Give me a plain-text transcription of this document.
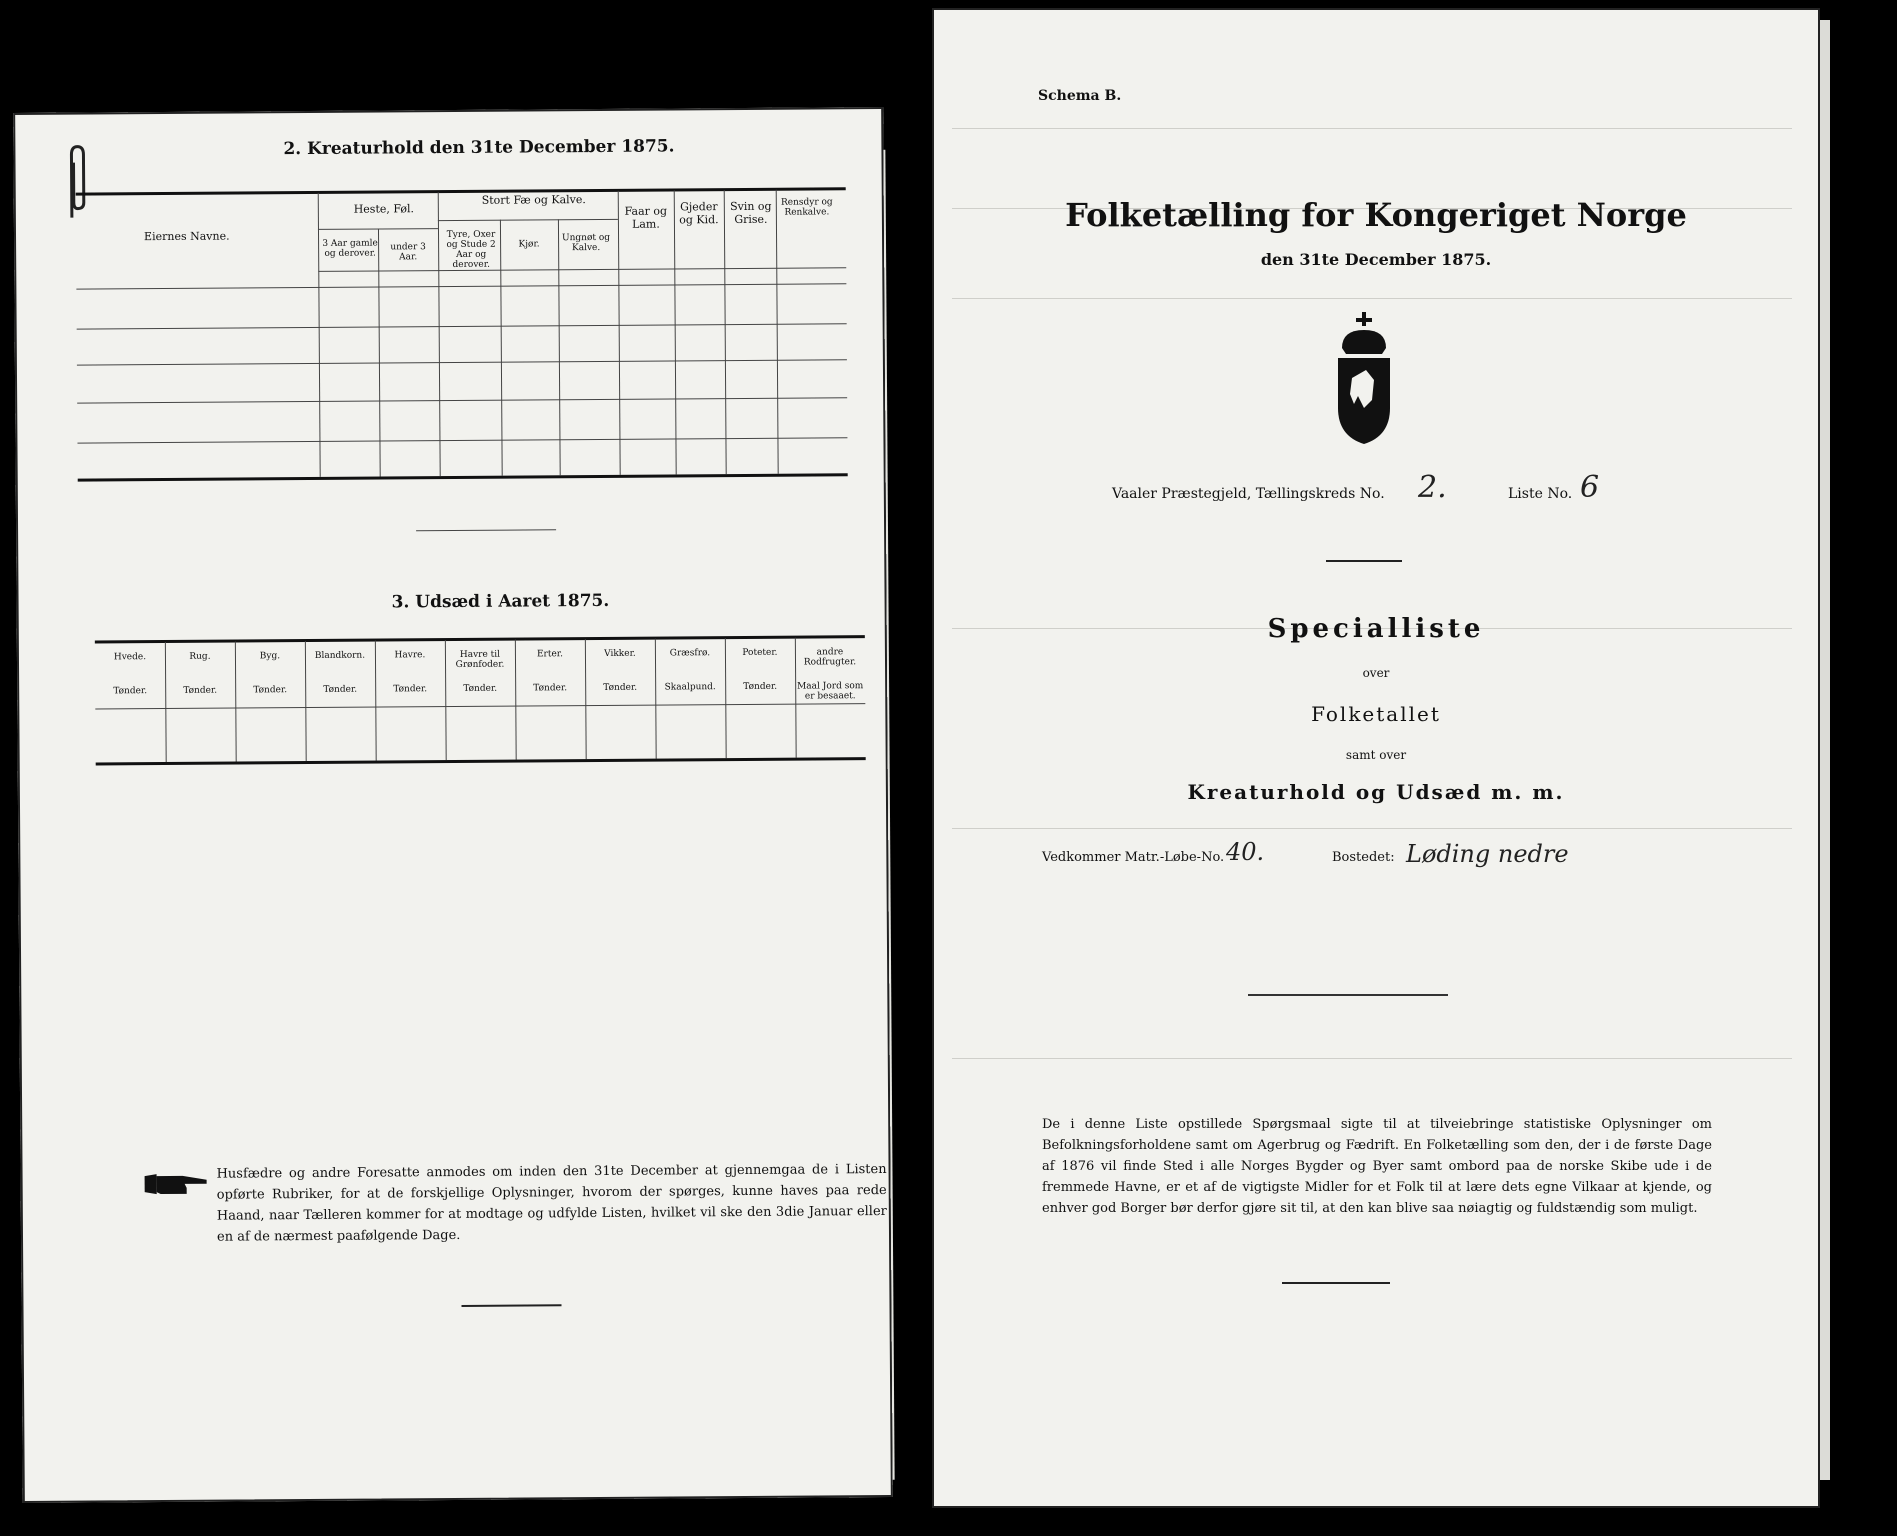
2. Kreaturhold den 31te December 1875.
Eiernes Navne.
Heste, Føl.
3 Aar gamle og derover.
under 3 Aar.
Stort Fæ og Kalve.
Tyre, Oxer og Stude 2 Aar og derover.
Kjør.
Ungnøt og Kalve.
Faar og Lam.
Gjeder og Kid.
Svin og Grise.
Rensdyr og Renkalve.
3. Udsæd i Aaret 1875.
Hvede.
Tønder.
Rug.
Tønder.
Byg.
Tønder.
Blandkorn.
Tønder.
Havre.
Tønder.
Havre til Grønfoder.
Tønder.
Erter.
Tønder.
Vikker.
Tønder.
Græsfrø.
Skaalpund.
Poteter.
Tønder.
andre Rodfrugter.
Maal Jord som er besaaet.
Husfædre og andre Foresatte anmodes om inden den 31te December at gjennemgaa de i Listen opførte Rubriker, for at de forskjellige Oplysninger, hvorom der spørges, kunne haves paa rede Haand, naar Tælleren kommer for at modtage og udfylde Listen, hvilket vil ske den 3die Januar eller en af de nærmest paafølgende Dage.
Schema B.
Folketælling for Kongeriget Norge
den 31te December 1875.
Vaaler Præstegjeld, Tællingskreds No. 2.	Liste No. 6
Specialliste
over
Folketallet
samt over
Kreaturhold og Udsæd m. m.
Vedkommer Matr.-Løbe-No. 40.	Bostedet: Løding nedre
De i denne Liste opstillede Spørgsmaal sigte til at tilveiebringe statistiske Oplysninger om Befolkningsforholdene samt om Agerbrug og Fædrift. En Folketælling som den, der i de første Dage af 1876 vil finde Sted i alle Norges Bygder og Byer samt ombord paa de norske Skibe ude i de fremmede Havne, er et af de vigtigste Midler for et Folk til at lære dets egne Vilkaar at kjende, og enhver god Borger bør derfor gjøre sit til, at den kan blive saa nøiagtig og fuldstændig som muligt.
